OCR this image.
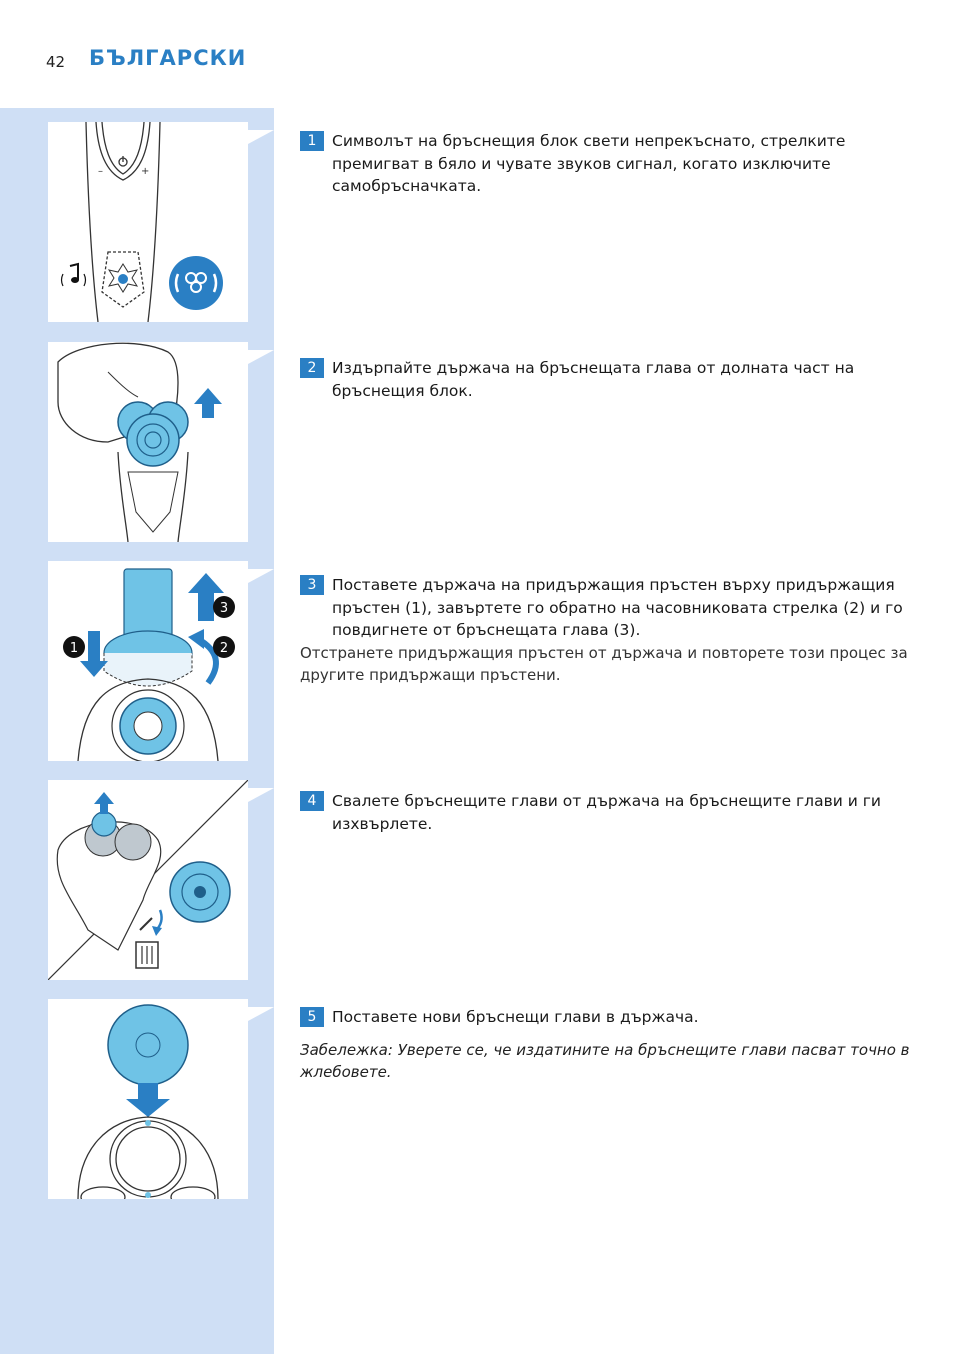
42 БЪЛГАРСКИ
–	+
1	2
3
1	Символът на бръснещия блок свети непрекъснато, стрелките премигват в бяло и чувате звуков сигнал, когато изключите самобръсначката.
2	Издърпайте държача на бръснещата глава от долната част на бръснещия блок.
3	Поставете държача на придържащия пръстен върху придържащия пръстен (1), завъртете го обратно на часовниковата стрелка (2) и го повдигнете от бръснещата глава (3).
Отстранете придържащия пръстен от държача и повторете този процес за другите придържащи пръстени.
4	Свалете бръснещите глави от държача на бръснещите глави и ги изхвърлете.
5	Поставете нови бръснещи глави в държача.
Забележка: Уверете се, че издатините на бръснещите глави пасват точно в жлебовете.
